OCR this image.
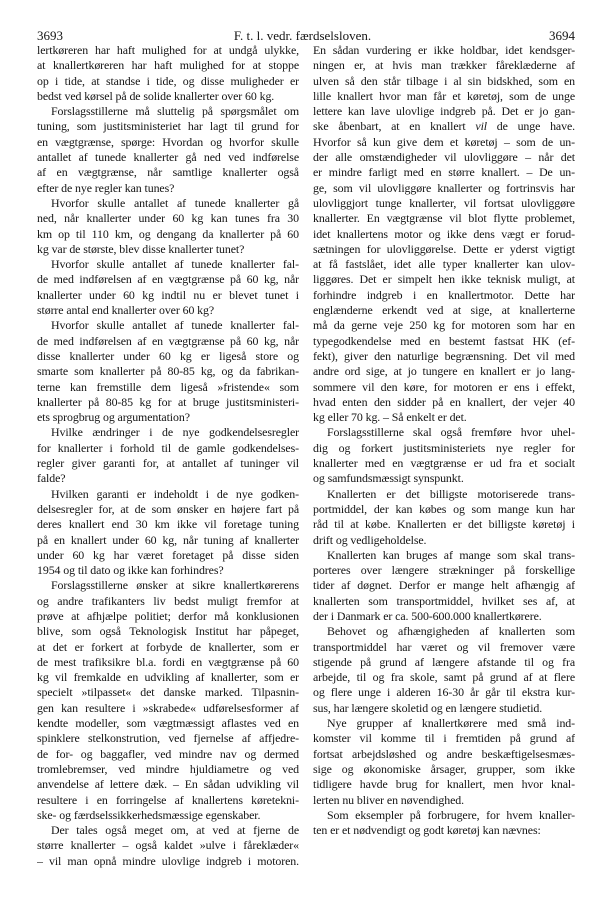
3693	F. t. l. vedr. færdselsloven.	3694
lertkøreren har haft mulighed for at undgå ulykke,
at knallertkøreren har haft mulighed for at stoppe
op i tide, at standse i tide, og disse muligheder er
bedst ved kørsel på de solide knallerter over 60 kg.
Forslagsstillerne må sluttelig på spørgsmålet om
tuning, som justitsministeriet har lagt til grund for
en vægtgrænse, spørge: Hvordan og hvorfor skulle
antallet af tunede knallerter gå ned ved indførelse
af en vægtgrænse, når samtlige knallerter også
efter de nye regler kan tunes?
Hvorfor skulle antallet af tunede knallerter gå
ned, når knallerter under 60 kg kan tunes fra 30
km op til 110 km, og dengang da knallerter på 60
kg var de største, blev disse knallerter tunet?
Hvorfor skulle antallet af tunede knallerter fal-
de med indførelsen af en vægtgrænse på 60 kg, når
knallerter under 60 kg indtil nu er blevet tunet i
større antal end knallerter over 60 kg?
Hvorfor skulle antallet af tunede knallerter fal-
de med indførelsen af en vægtgrænse på 60 kg, når
disse knallerter under 60 kg er ligeså store og
smarte som knallerter på 80-85 kg, og da fabrikan-
terne kan fremstille dem ligeså »fristende« som
knallerter på 80-85 kg for at bruge justitsministeri-
ets sprogbrug og argumentation?
Hvilke ændringer i de nye godkendelsesregler
for knallerter i forhold til de gamle godkendelses-
regler giver garanti for, at antallet af tuninger vil
falde?
Hvilken garanti er indeholdt i de nye godken-
delsesregler for, at de som ønsker en højere fart på
deres knallert end 30 km ikke vil foretage tuning
på en knallert under 60 kg, når tuning af knallerter
under 60 kg har været foretaget på disse siden
1954 og til dato og ikke kan forhindres?
Forslagsstillerne ønsker at sikre knallertkørerens
og andre trafikanters liv bedst muligt fremfor at
prøve at afhjælpe politiet; derfor må konklusionen
blive, som også Teknologisk Institut har påpeget,
at det er forkert at forbyde de knallerter, som er
de mest trafiksikre bl.a. fordi en vægtgrænse på 60
kg vil fremkalde en udvikling af knallerter, som er
specielt »tilpasset« det danske marked. Tilpasnin-
gen kan resultere i »skrabede« udførelsesformer af
kendte modeller, som vægtmæssigt aflastes ved en
spinklere stelkonstrution, ved fjernelse af affjedre-
de for- og baggafler, ved mindre nav og dermed
tromlebremser, ved mindre hjuldiametre og ved
anvendelse af lettere dæk. – En sådan udvikling vil
resultere i en forringelse af knallertens køretekni-
ske- og færdselssikkerhedsmæssige egenskaber.
Der tales også meget om, at ved at fjerne de
større knallerter – også kaldet »ulve i fåreklæder«
– vil man opnå mindre ulovlige indgreb i motoren.
En sådan vurdering er ikke holdbar, idet kendsger-
ningen er, at hvis man trækker fåreklæderne af
ulven så den står tilbage i al sin bidskhed, som en
lille knallert hvor man får et køretøj, som de unge
lettere kan lave ulovlige indgreb på. Det er jo gan-
ske åbenbart, at en knallert vil de unge have.
Hvorfor så kun give dem et køretøj – som de un-
der alle omstændigheder vil ulovliggøre – når det
er mindre farligt med en større knallert. – De un-
ge, som vil ulovliggøre knallerter og fortrinsvis har
ulovliggjort tunge knallerter, vil fortsat ulovliggøre
knallerter. En vægtgrænse vil blot flytte problemet,
idet knallertens motor og ikke dens vægt er forud-
sætningen for ulovliggørelse. Dette er yderst vigtigt
at få fastslået, idet alle typer knallerter kan ulov-
liggøres. Det er simpelt hen ikke teknisk muligt, at
forhindre indgreb i en knallertmotor. Dette har
englænderne erkendt ved at sige, at knallerterne
må da gerne veje 250 kg for motoren som har en
typegodkendelse med en bestemt fastsat HK (ef-
fekt), giver den naturlige begrænsning. Det vil med
andre ord sige, at jo tungere en knallert er jo lang-
sommere vil den køre, for motoren er ens i effekt,
hvad enten den sidder på en knallert, der vejer 40
kg eller 70 kg. – Så enkelt er det.
Forslagsstillerne skal også fremføre hvor uhel-
dig og forkert justitsministeriets nye regler for
knallerter med en vægtgrænse er ud fra et socialt
og samfundsmæssigt synspunkt.
Knallerten er det billigste motoriserede trans-
portmiddel, der kan købes og som mange kun har
råd til at købe. Knallerten er det billigste køretøj i
drift og vedligeholdelse.
Knallerten kan bruges af mange som skal trans-
porteres over længere strækninger på forskellige
tider af døgnet. Derfor er mange helt afhængig af
knallerten som transportmiddel, hvilket ses af, at
der i Danmark er ca. 500-600.000 knallertkørere.
Behovet og afhængigheden af knallerten som
transportmiddel har været og vil fremover være
stigende på grund af længere afstande til og fra
arbejde, til og fra skole, samt på grund af at flere
og flere unge i alderen 16-30 år går til ekstra kur-
sus, har længere skoletid og en længere studietid.
Nye grupper af knallertkørere med små ind-
komster vil komme til i fremtiden på grund af
fortsat arbejdsløshed og andre beskæftigelsesmæs-
sige og økonomiske årsager, grupper, som ikke
tidligere havde brug for knallert, men hvor knal-
lerten nu bliver en nøvendighed.
Som eksempler på forbrugere, for hvem knaller-
ten er et nødvendigt og godt køretøj kan nævnes:
